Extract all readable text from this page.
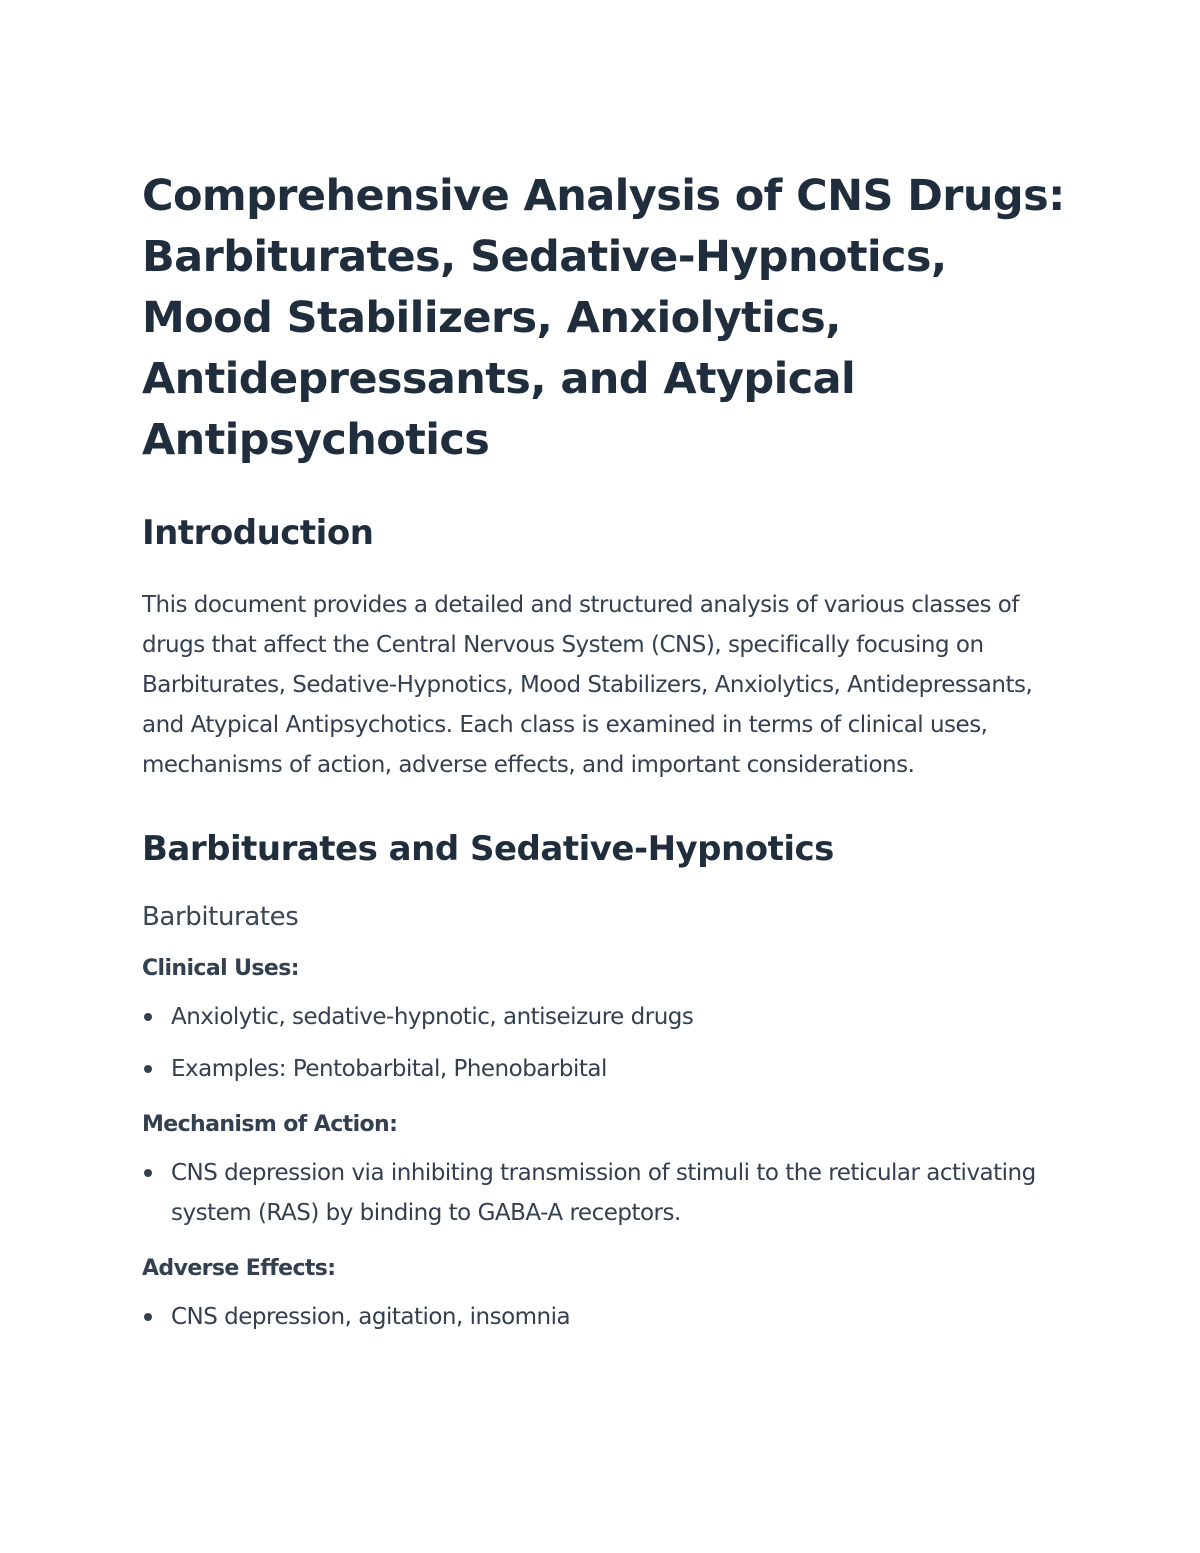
Comprehensive Analysis of CNS Drugs: Barbiturates, Sedative-Hypnotics, Mood Stabilizers, Anxiolytics, Antidepressants, and Atypical Antipsychotics
Introduction

This document provides a detailed and structured analysis of various classes of drugs that affect the Central Nervous System (CNS), specifically focusing on Barbiturates, Sedative-Hypnotics, Mood Stabilizers, Anxiolytics, Antidepressants, and Atypical Antipsychotics. Each class is examined in terms of clinical uses, mechanisms of action, adverse effects, and important considerations.

Barbiturates and Sedative-Hypnotics
Barbiturates

Clinical Uses:

Anxiolytic, sedative-hypnotic, antiseizure drugs
Examples: Pentobarbital, Phenobarbital

Mechanism of Action:

CNS depression via inhibiting transmission of stimuli to the reticular activating system (RAS) by binding to GABA-A receptors.

Adverse Effects:

CNS depression, agitation, insomnia
